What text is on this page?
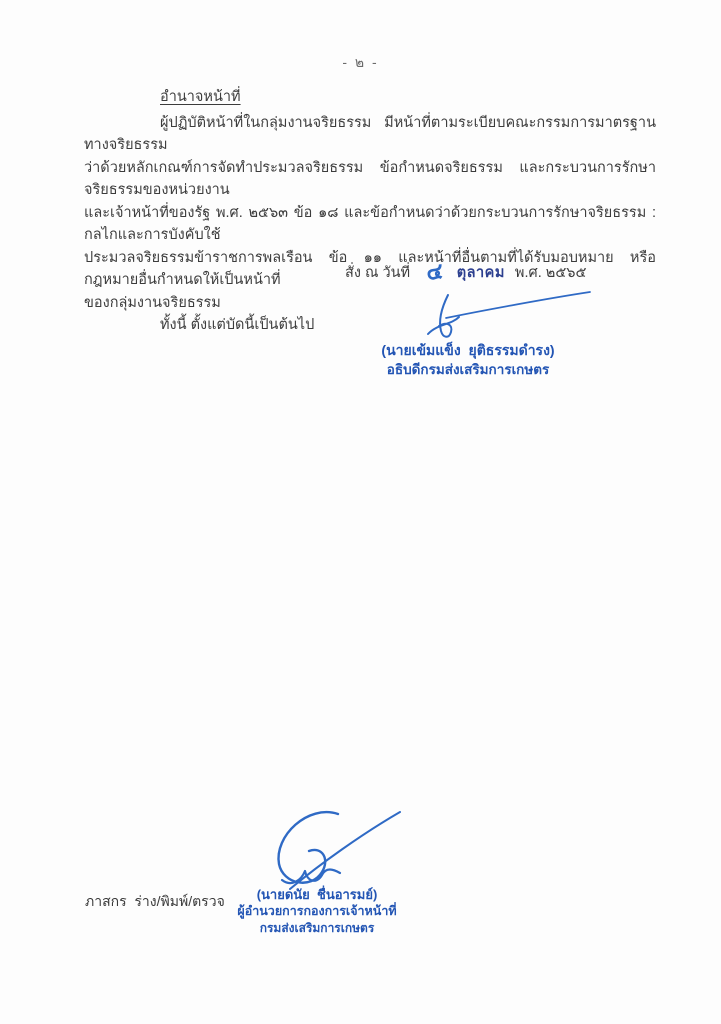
- ๒ -
อำนาจหน้าที่
ผู้ปฏิบัติหน้าที่ในกลุ่มงานจริยธรรม มีหน้าที่ตามระเบียบคณะกรรมการมาตรฐานทางจริยธรรม
ว่าด้วยหลักเกณฑ์การจัดทำประมวลจริยธรรม ข้อกำหนดจริยธรรม และกระบวนการรักษาจริยธรรมของหน่วยงาน
และเจ้าหน้าที่ของรัฐ พ.ศ. ๒๕๖๓ ข้อ ๑๘ และข้อกำหนดว่าด้วยกระบวนการรักษาจริยธรรม : กลไกและการบังคับใช้
ประมวลจริยธรรมข้าราชการพลเรือน ข้อ ๑๑ และหน้าที่อื่นตามที่ได้รับมอบหมาย หรือกฎหมายอื่นกำหนดให้เป็นหน้าที่
ของกลุ่มงานจริยธรรม
ทั้งนี้ ตั้งแต่บัดนี้เป็นต้นไป
สั่ง ณ วันที่ ๔ ตุลาคม พ.ศ. ๒๕๖๕
(นายเข้มแข็ง  ยุติธรรมดำรง)
อธิบดีกรมส่งเสริมการเกษตร
(นายดนัย  ชื่นอารมย์)
ผู้อำนวยการกองการเจ้าหน้าที่
กรมส่งเสริมการเกษตร
ภาสกร  ร่าง/พิมพ์/ตรวจ
